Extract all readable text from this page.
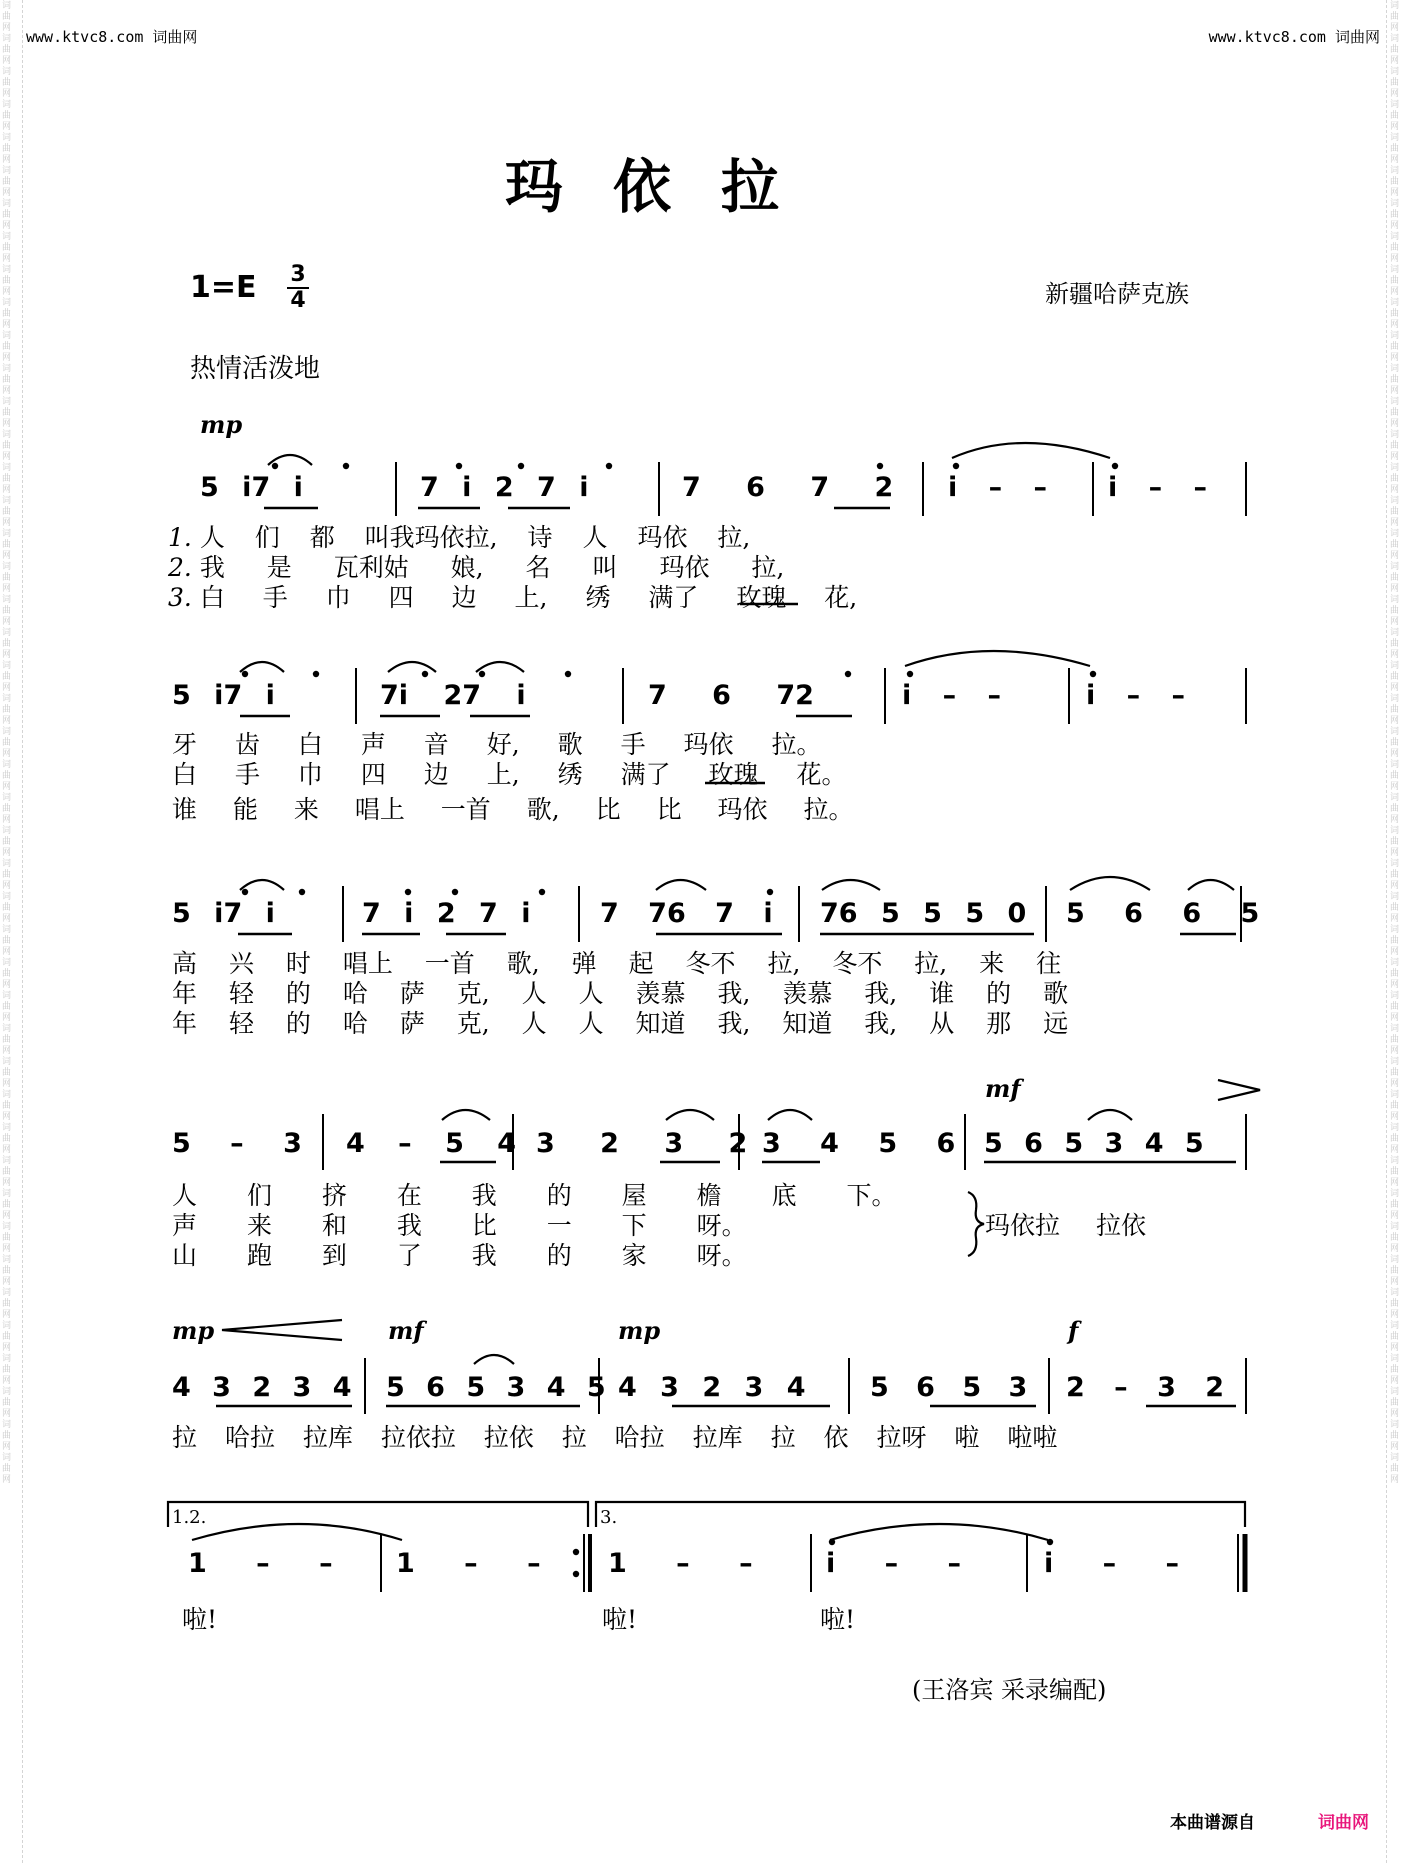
词曲网词曲网词曲网词曲网词曲网词曲网词曲网词曲网词曲网词曲网词曲网词曲网词曲网词曲网词曲网词曲网词曲网词曲网词曲网词曲网词曲网词曲网词曲网词曲网词曲网词曲网词曲网词曲网词曲网词曲网词曲网词曲网词曲网词曲网词曲网词曲网词曲网词曲网词曲网词曲网词曲网词曲网词曲网词曲网词曲网	词曲网词曲网词曲网词曲网词曲网词曲网词曲网词曲网词曲网词曲网词曲网词曲网词曲网词曲网词曲网词曲网词曲网词曲网词曲网词曲网词曲网词曲网词曲网词曲网词曲网词曲网词曲网词曲网词曲网词曲网词曲网词曲网词曲网词曲网词曲网词曲网词曲网词曲网词曲网词曲网词曲网词曲网词曲网词曲网词曲网
www.ktvc8.com 词曲网	www.ktvc8.com 词曲网
玛依拉
1=E 3
4	新疆哈萨克族
热情活泼地
mp
5 i7 i	7 i 2 7 i	7 6 7 2 i – – i – –
1. 人 们 都 叫我玛依拉, 诗 人 玛依 拉,
2. 我 是 瓦利姑 娘, 名 叫 玛依 拉,
3. 白 手 巾 四 边 上, 绣 满了 玫瑰 花,
5 i7 i	7i 27 i	7 6 72	i – –	i – –
牙 齿 白 声 音 好, 歌 手 玛依 拉。
白 手 巾 四 边 上, 绣 满了 玫瑰 花。
谁 能 来 唱上 一首 歌, 比 比 玛依 拉。
5 i7 i	7 i 2 7 i	7 76 7 i 76 5 5 5 0 5 6 6 5
高 兴 时 唱上 一首 歌, 弹 起 冬不 拉, 冬不 拉, 来 往
年 轻 的 哈 萨 克, 人 人 羡慕 我, 羡慕 我, 谁 的 歌
年 轻 的 哈 萨 克, 人 人 知道 我, 知道 我, 从 那 远
mf
5 – 3 4 – 5 4 3 2 3 2 3 4 5 6 5 6 5 3 4 5
人 们 挤 在 我 的 屋 檐 底 下。
声 来 和 我 比 一 下 呀。
山 跑 到 了 我 的 家 呀。
玛依拉 拉依
mp	mf	mp	f
4 3 2 3 4 5 6 5 3 4 5 4 3 2 3 4 5 6 5 3 2 – 3 2
拉 哈拉 拉库 拉依拉 拉依 拉 哈拉 拉库 拉 依 拉呀 啦 啦啦
1.2.	3.
1 – – 1 – – 1 – –	i – –	i – –
啦!	啦!	啦!
(王洛宾 采录编配)
本曲谱源自	词曲网
